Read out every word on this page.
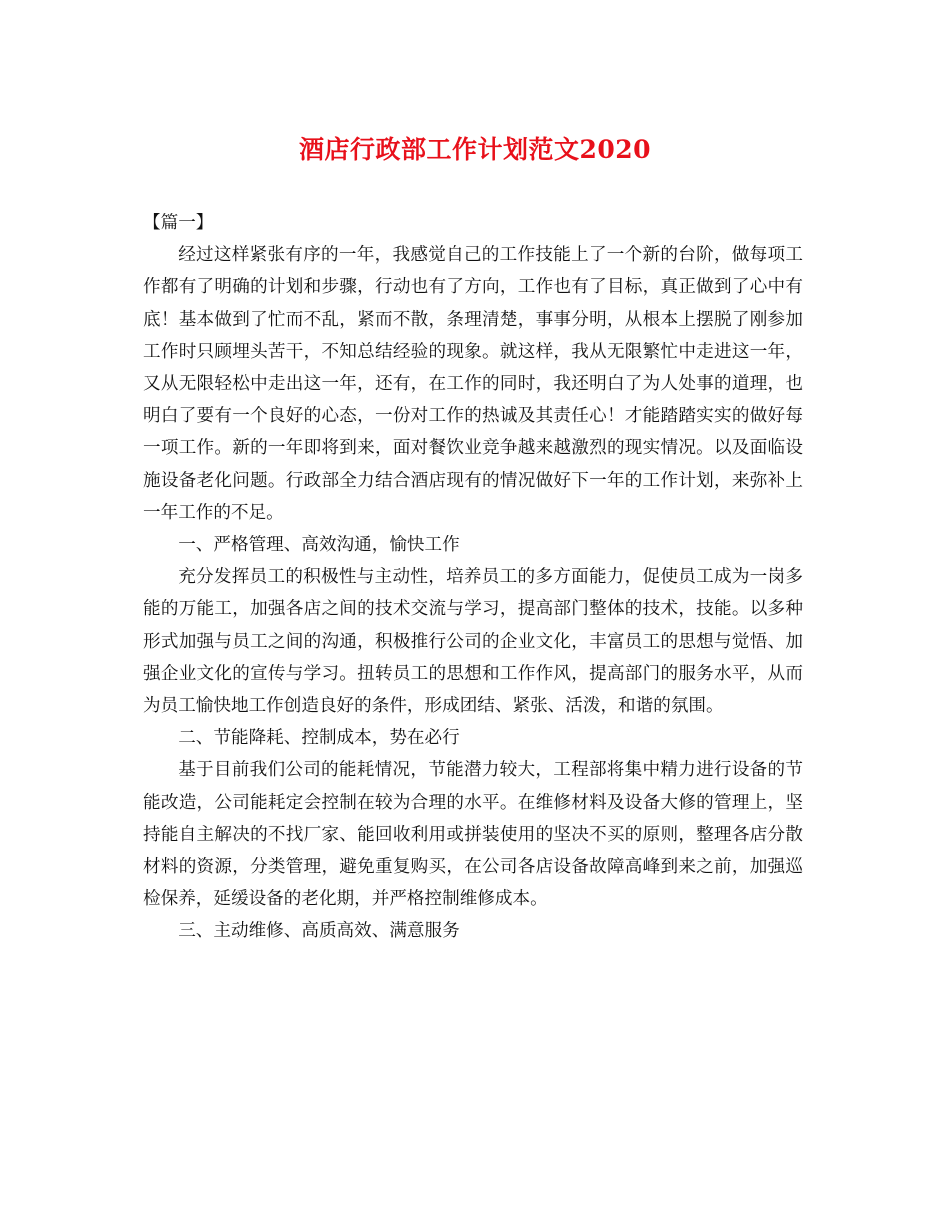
酒店行政部工作计划范文2020

【篇一】

经过这样紧张有序的一年，我感觉自己的工作技能上了一个新的台阶，做每项工作都有了明确的计划和步骤，行动也有了方向，工作也有了目标，真正做到了心中有底！基本做到了忙而不乱，紧而不散，条理清楚，事事分明，从根本上摆脱了刚参加工作时只顾埋头苦干，不知总结经验的现象。就这样，我从无限繁忙中走进这一年，又从无限轻松中走出这一年，还有，在工作的同时，我还明白了为人处事的道理，也明白了要有一个良好的心态，一份对工作的热诚及其责任心！才能踏踏实实的做好每一项工作。新的一年即将到来，面对餐饮业竞争越来越激烈的现实情况。以及面临设施设备老化问题。行政部全力结合酒店现有的情况做好下一年的工作计划，来弥补上一年工作的不足。

一、严格管理、高效沟通，愉快工作

充分发挥员工的积极性与主动性，培养员工的多方面能力，促使员工成为一岗多能的万能工，加强各店之间的技术交流与学习，提高部门整体的技术，技能。以多种形式加强与员工之间的沟通，积极推行公司的企业文化，丰富员工的思想与觉悟、加强企业文化的宣传与学习。扭转员工的思想和工作作风，提高部门的服务水平，从而为员工愉快地工作创造良好的条件，形成团结、紧张、活泼，和谐的氛围。

二、节能降耗、控制成本，势在必行

基于目前我们公司的能耗情况，节能潜力较大，工程部将集中精力进行设备的节能改造，公司能耗定会控制在较为合理的水平。在维修材料及设备大修的管理上，坚持能自主解决的不找厂家、能回收利用或拼装使用的坚决不买的原则，整理各店分散材料的资源，分类管理，避免重复购买，在公司各店设备故障高峰到来之前，加强巡检保养，延缓设备的老化期，并严格控制维修成本。

三、主动维修、高质高效、满意服务
